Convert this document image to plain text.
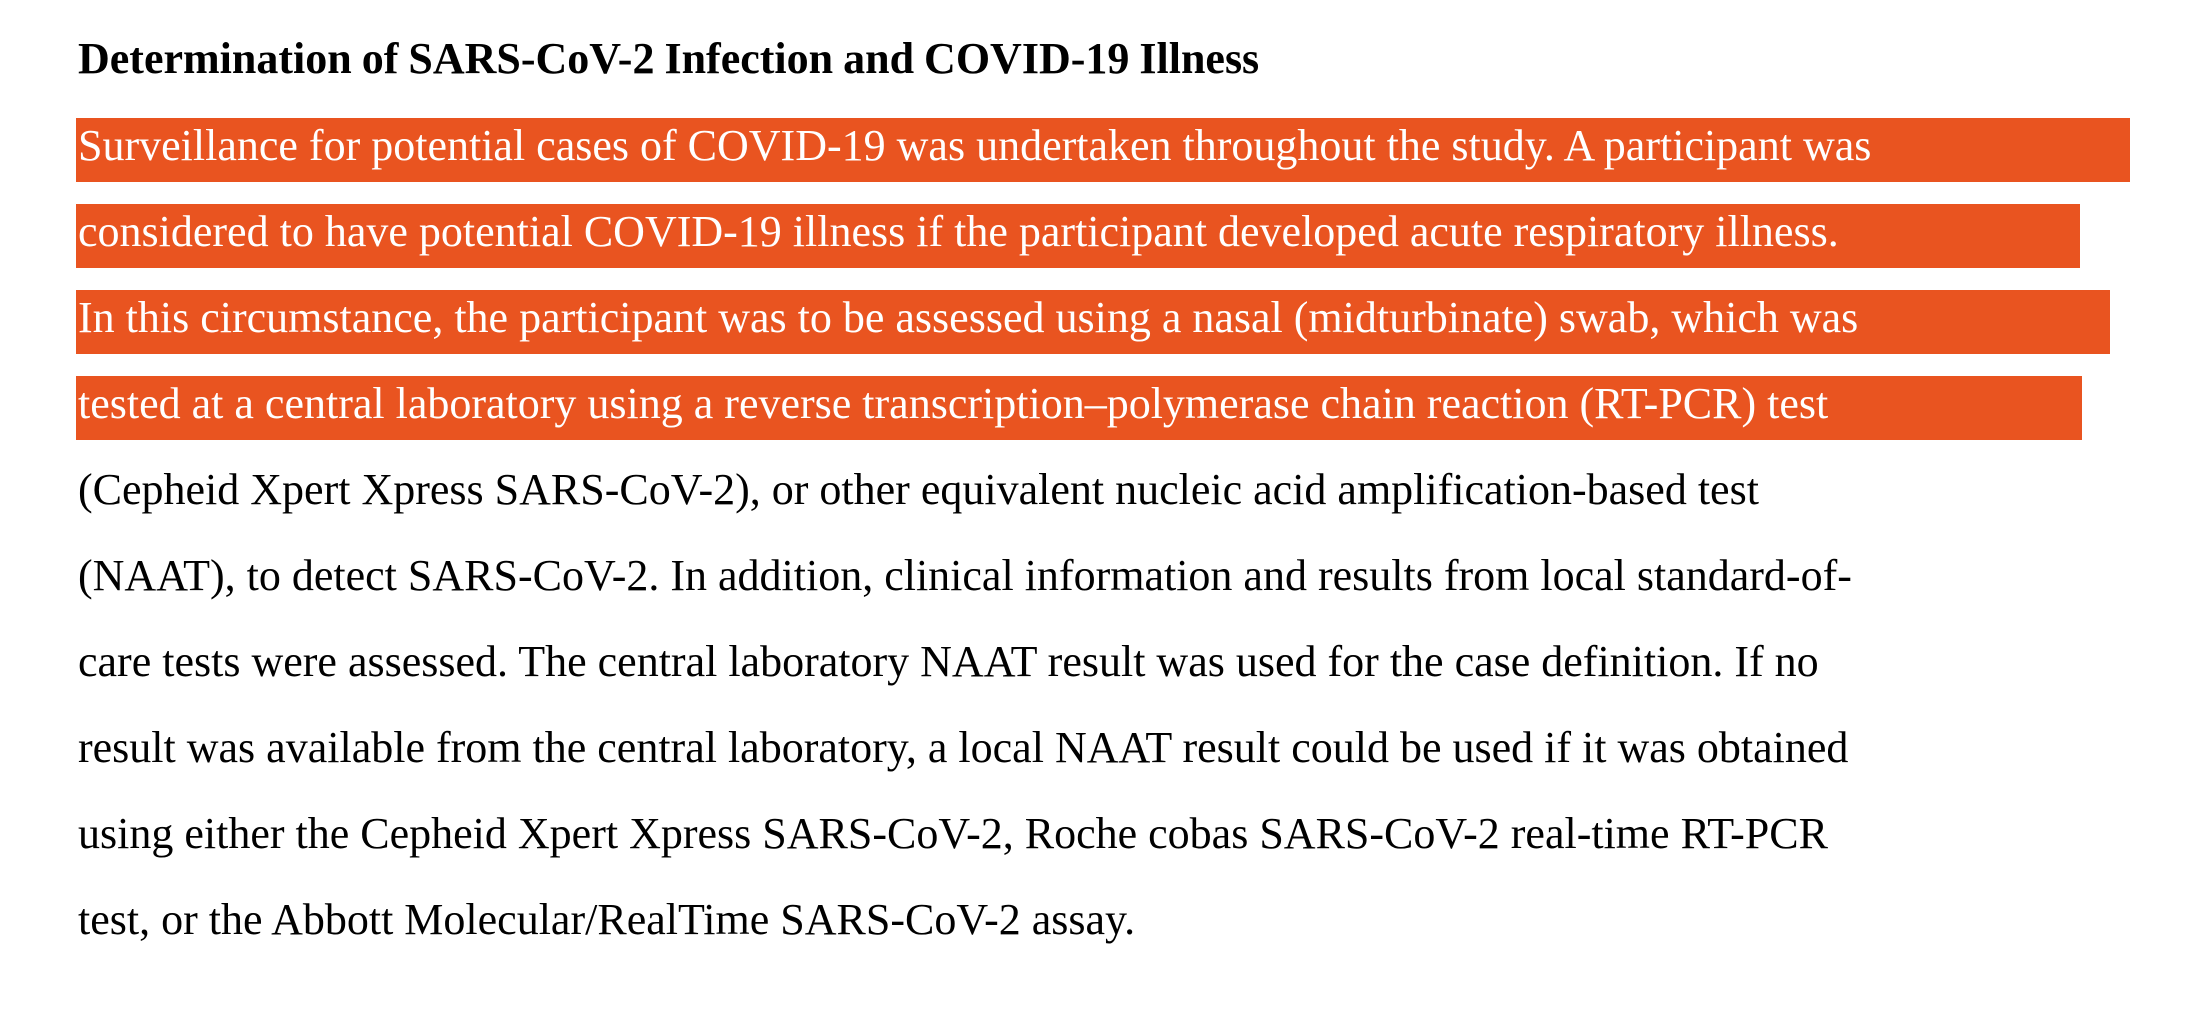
Determination of SARS-CoV-2 Infection and COVID-19 Illness
Surveillance for potential cases of COVID-19 was undertaken throughout the study. A participant was
considered to have potential COVID-19 illness if the participant developed acute respiratory illness.
In this circumstance, the participant was to be assessed using a nasal (midturbinate) swab, which was
tested at a central laboratory using a reverse transcription–polymerase chain reaction (RT-PCR) test
(Cepheid Xpert Xpress SARS-CoV-2), or other equivalent nucleic acid amplification-based test
(NAAT), to detect SARS-CoV-2. In addition, clinical information and results from local standard-of-
care tests were assessed. The central laboratory NAAT result was used for the case definition. If no
result was available from the central laboratory, a local NAAT result could be used if it was obtained
using either the Cepheid Xpert Xpress SARS-CoV-2, Roche cobas SARS-CoV-2 real-time RT-PCR
test, or the Abbott Molecular/RealTime SARS-CoV-2 assay.
